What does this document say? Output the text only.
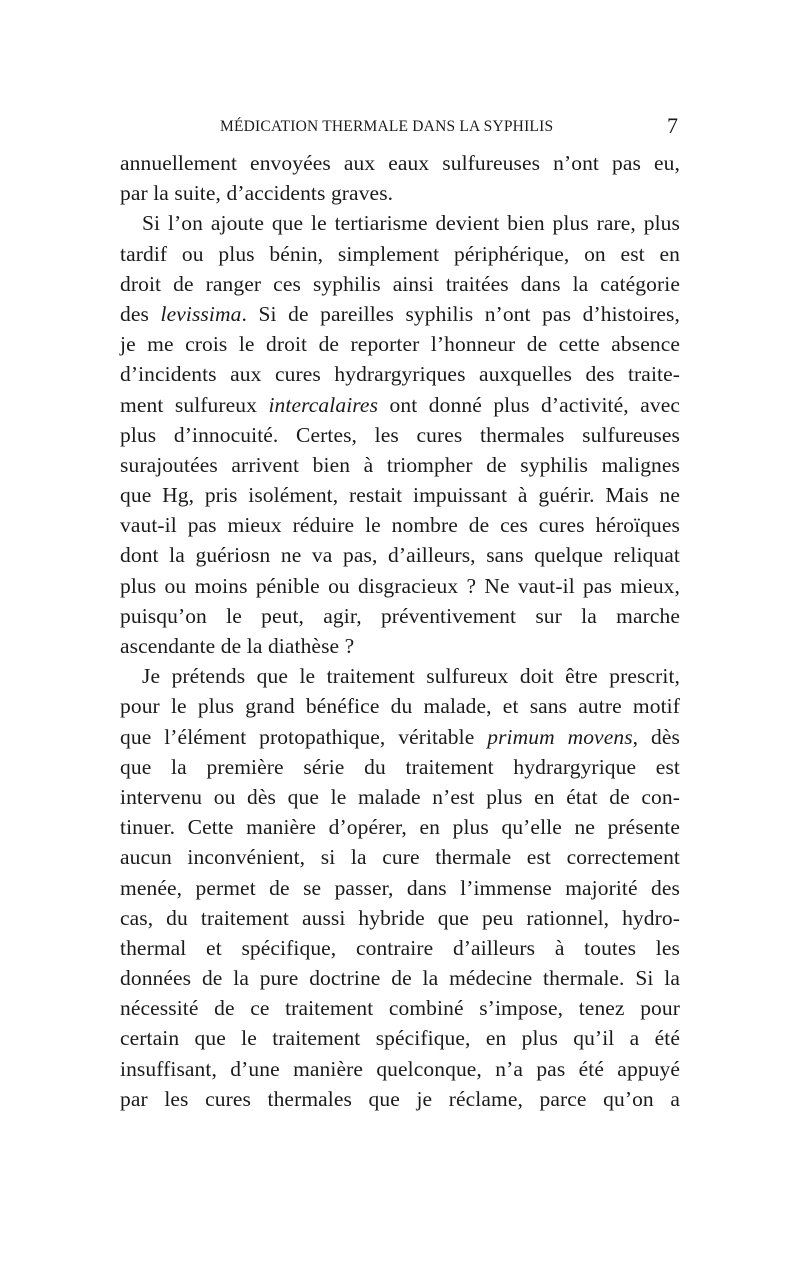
MÉDICATION THERMALE DANS LA SYPHILIS	7
annuellement envoyées aux eaux sulfureuses n’ont pas eu,
par la suite, d’accidents graves.
Si l’on ajoute que le tertiarisme devient bien plus rare, plus
tardif ou plus bénin, simplement périphérique, on est en
droit de ranger ces syphilis ainsi traitées dans la catégorie
des levissima. Si de pareilles syphilis n’ont pas d’histoires,
je me crois le droit de reporter l’honneur de cette absence
d’incidents aux cures hydrargyriques auxquelles des traite-
ment sulfureux intercalaires ont donné plus d’activité, avec
plus d’innocuité. Certes, les cures thermales sulfureuses
surajoutées arrivent bien à triompher de syphilis malignes
que Hg, pris isolément, restait impuissant à guérir. Mais ne
vaut-il pas mieux réduire le nombre de ces cures héroïques
dont la guériosn ne va pas, d’ailleurs, sans quelque reliquat
plus ou moins pénible ou disgracieux ? Ne vaut-il pas mieux,
puisqu’on le peut, agir, préventivement sur la marche
ascendante de la diathèse ?
Je prétends que le traitement sulfureux doit être prescrit,
pour le plus grand bénéfice du malade, et sans autre motif
que l’élément protopathique, véritable primum movens, dès
que la première série du traitement hydrargyrique est
intervenu ou dès que le malade n’est plus en état de con-
tinuer. Cette manière d’opérer, en plus qu’elle ne présente
aucun inconvénient, si la cure thermale est correctement
menée, permet de se passer, dans l’immense majorité des
cas, du traitement aussi hybride que peu rationnel, hydro-
thermal et spécifique, contraire d’ailleurs à toutes les
données de la pure doctrine de la médecine thermale. Si la
nécessité de ce traitement combiné s’impose, tenez pour
certain que le traitement spécifique, en plus qu’il a été
insuffisant, d’une manière quelconque, n’a pas été appuyé
par les cures thermales que je réclame, parce qu’on a
